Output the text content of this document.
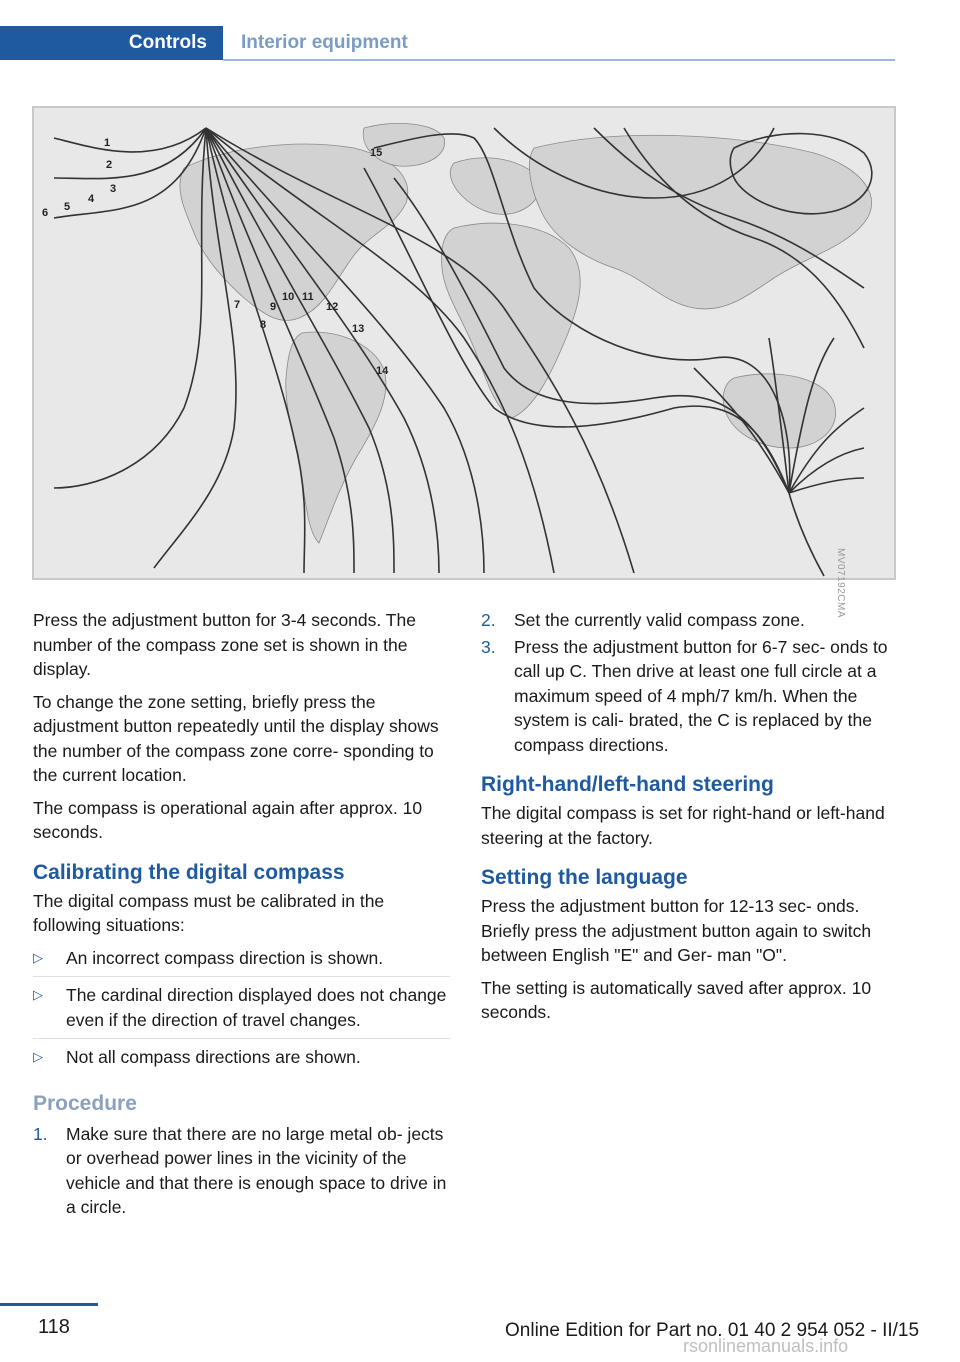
Controls	Interior equipment
1
2
3
4
5
6
7
8
9
10 11
12
13
14
15
MV07192CMA

Press the adjustment button for 3-4 seconds. The number of the compass zone set is shown in the display.

To change the zone setting, briefly press the adjustment button repeatedly until the display shows the number of the compass zone corre‐ sponding to the current location.

The compass is operational again after approx. 10 seconds.

Calibrating the digital compass

The digital compass must be calibrated in the following situations:

▷ An incorrect compass direction is shown.
▷ The cardinal direction displayed does not change even if the direction of travel changes.
▷ Not all compass directions are shown.
Procedure
1. Make sure that there are no large metal ob‐ jects or overhead power lines in the vicinity of the vehicle and that there is enough space to drive in a circle.
2. Set the currently valid compass zone.
3. Press the adjustment button for 6-7 sec‐ onds to call up C. Then drive at least one full circle at a maximum speed of 4 mph/7 km/h. When the system is cali‐ brated, the C is replaced by the compass directions.
Right-hand/left-hand steering

The digital compass is set for right-hand or left-hand steering at the factory.

Setting the language

Press the adjustment button for 12-13 sec‐ onds. Briefly press the adjustment button again to switch between English "E" and Ger‐ man "O".

The setting is automatically saved after approx. 10 seconds.

118	Online Edition for Part no. 01 40 2 954 052 - II/15
rsonlinemanuals.info
